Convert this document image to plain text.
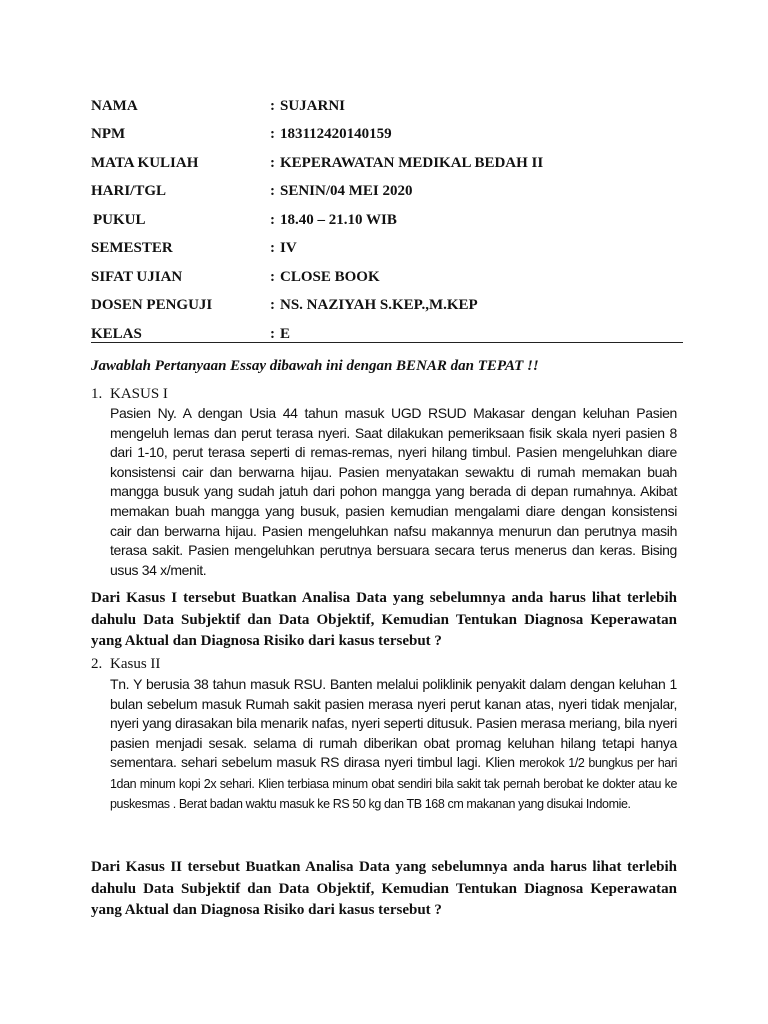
NAMA	: SUJARNI
NPM	: 183112420140159
MATA KULIAH	: KEPERAWATAN MEDIKAL BEDAH II
HARI/TGL	: SENIN/04 MEI 2020
PUKUL	: 18.40 – 21.10 WIB
SEMESTER	: IV
SIFAT UJIAN	: CLOSE BOOK
DOSEN PENGUJI	: NS. NAZIYAH S.KEP.,M.KEP
KELAS	: E
Jawablah Pertanyaan Essay dibawah ini dengan BENAR dan TEPAT !!
1. KASUS I
Pasien Ny. A dengan Usia 44 tahun masuk UGD RSUD Makasar dengan keluhan Pasien mengeluh lemas dan perut terasa nyeri. Saat dilakukan pemeriksaan fisik skala nyeri pasien 8 dari 1-10, perut terasa seperti di remas-remas, nyeri hilang timbul. Pasien mengeluhkan diare konsistensi cair dan berwarna hijau. Pasien menyatakan sewaktu di rumah memakan buah mangga busuk yang sudah jatuh dari pohon mangga yang berada di depan rumahnya. Akibat memakan buah mangga yang busuk, pasien kemudian mengalami diare dengan konsistensi cair dan berwarna hijau. Pasien mengeluhkan nafsu makannya menurun dan perutnya masih terasa sakit. Pasien mengeluhkan perutnya bersuara secara terus menerus dan keras. Bising usus 34 x/menit.
Dari Kasus I tersebut Buatkan Analisa Data yang sebelumnya anda harus lihat terlebih dahulu Data Subjektif dan Data Objektif, Kemudian Tentukan Diagnosa Keperawatan yang Aktual dan Diagnosa Risiko dari kasus tersebut ?
2. Kasus II
Tn. Y berusia 38 tahun masuk RSU. Banten melalui poliklinik penyakit dalam dengan keluhan 1 bulan sebelum masuk Rumah sakit pasien merasa nyeri perut kanan atas, nyeri tidak menjalar, nyeri yang dirasakan bila menarik nafas, nyeri seperti ditusuk. Pasien merasa meriang, bila nyeri pasien menjadi sesak. selama di rumah diberikan obat promag keluhan hilang tetapi hanya sementara. sehari sebelum masuk RS dirasa nyeri timbul lagi. Klien merokok 1/2 bungkus per hari 1dan minum kopi 2x sehari. Klien terbiasa minum obat sendiri bila sakit tak pernah berobat ke dokter atau ke puskesmas . Berat badan waktu masuk ke RS 50 kg dan TB 168 cm makanan yang disukai Indomie.
Dari Kasus II tersebut Buatkan Analisa Data yang sebelumnya anda harus lihat terlebih dahulu Data Subjektif dan Data Objektif, Kemudian Tentukan Diagnosa Keperawatan yang Aktual dan Diagnosa Risiko dari kasus tersebut ?
